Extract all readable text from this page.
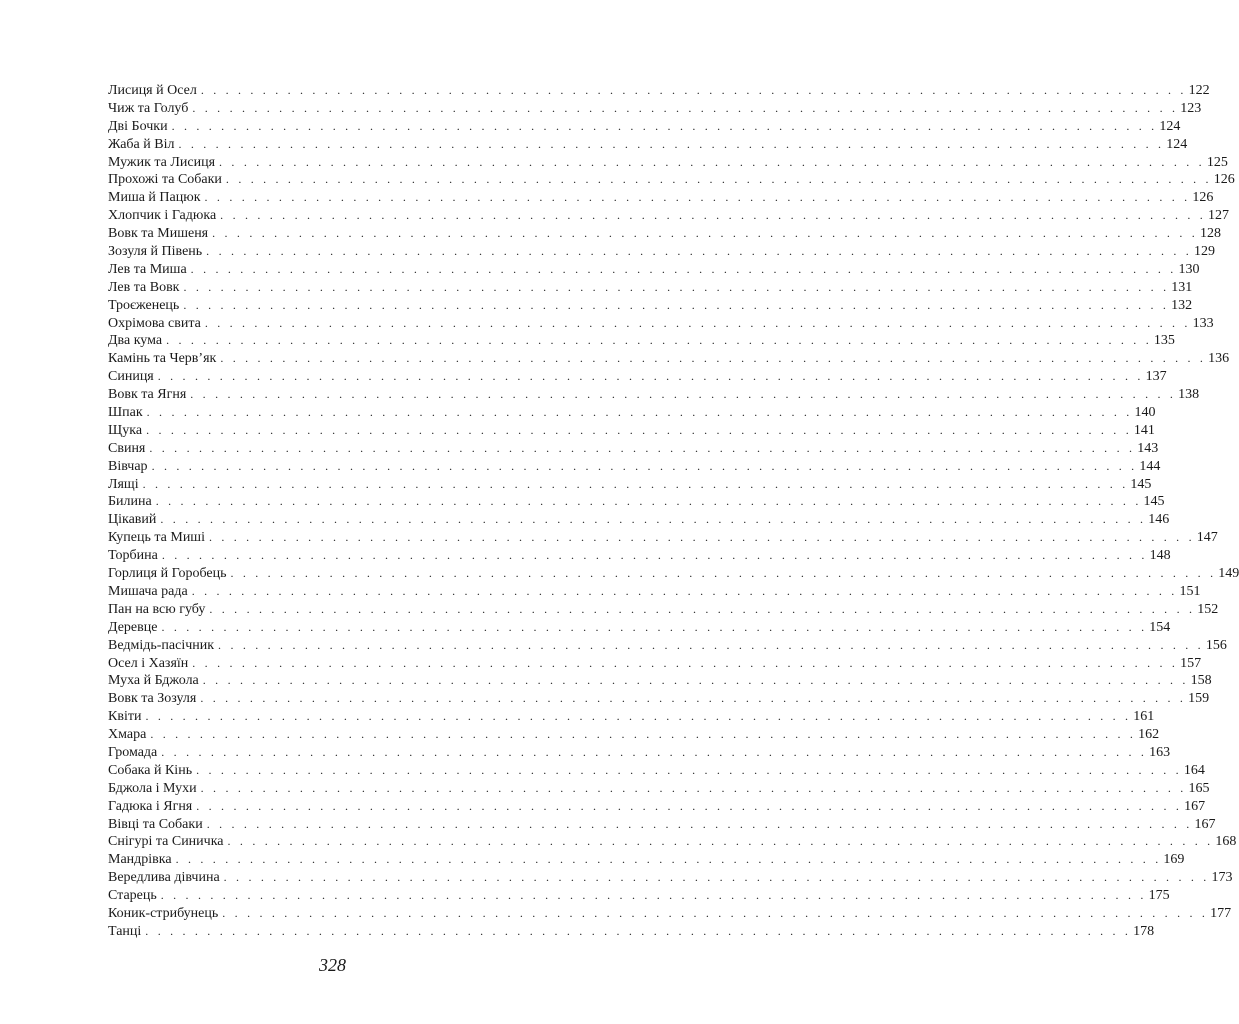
Лисиця й Осел . . . . . . . . . . . . . . . . . . . . . . . . . . . . . . . . . . . . . . . . . . . . . . . . . . . . . . . . . . . . . . . . . . . . . . . . . . . . . . . . 122
Чиж та Голуб . . . . . . . . . . . . . . . . . . . . . . . . . . . . . . . . . . . . . . . . . . . . . . . . . . . . . . . . . . . . . . . . . . . . . . . . . . . . . . . . 123
Дві Бочки . . . . . . . . . . . . . . . . . . . . . . . . . . . . . . . . . . . . . . . . . . . . . . . . . . . . . . . . . . . . . . . . . . . . . . . . . . . . . . . . 124
Жаба й Віл . . . . . . . . . . . . . . . . . . . . . . . . . . . . . . . . . . . . . . . . . . . . . . . . . . . . . . . . . . . . . . . . . . . . . . . . . . . . . . . . 124
Мужик та Лисиця . . . . . . . . . . . . . . . . . . . . . . . . . . . . . . . . . . . . . . . . . . . . . . . . . . . . . . . . . . . . . . . . . . . . . . . . . . . . . . . . 125
Прохожі та Собаки . . . . . . . . . . . . . . . . . . . . . . . . . . . . . . . . . . . . . . . . . . . . . . . . . . . . . . . . . . . . . . . . . . . . . . . . . . . . . . . . 126
Миша й Пацюк . . . . . . . . . . . . . . . . . . . . . . . . . . . . . . . . . . . . . . . . . . . . . . . . . . . . . . . . . . . . . . . . . . . . . . . . . . . . . . . . 126
Хлопчик і Гадюка . . . . . . . . . . . . . . . . . . . . . . . . . . . . . . . . . . . . . . . . . . . . . . . . . . . . . . . . . . . . . . . . . . . . . . . . . . . . . . . . 127
Вовк та Мишеня . . . . . . . . . . . . . . . . . . . . . . . . . . . . . . . . . . . . . . . . . . . . . . . . . . . . . . . . . . . . . . . . . . . . . . . . . . . . . . . . 128
Зозуля й Півень . . . . . . . . . . . . . . . . . . . . . . . . . . . . . . . . . . . . . . . . . . . . . . . . . . . . . . . . . . . . . . . . . . . . . . . . . . . . . . . . 129
Лев та Миша . . . . . . . . . . . . . . . . . . . . . . . . . . . . . . . . . . . . . . . . . . . . . . . . . . . . . . . . . . . . . . . . . . . . . . . . . . . . . . . . 130
Лев та Вовк . . . . . . . . . . . . . . . . . . . . . . . . . . . . . . . . . . . . . . . . . . . . . . . . . . . . . . . . . . . . . . . . . . . . . . . . . . . . . . . . 131
Троєженець . . . . . . . . . . . . . . . . . . . . . . . . . . . . . . . . . . . . . . . . . . . . . . . . . . . . . . . . . . . . . . . . . . . . . . . . . . . . . . . . 132
Охрімова свита . . . . . . . . . . . . . . . . . . . . . . . . . . . . . . . . . . . . . . . . . . . . . . . . . . . . . . . . . . . . . . . . . . . . . . . . . . . . . . . . 133
Два кума . . . . . . . . . . . . . . . . . . . . . . . . . . . . . . . . . . . . . . . . . . . . . . . . . . . . . . . . . . . . . . . . . . . . . . . . . . . . . . . . 135
Камінь та Черв’як . . . . . . . . . . . . . . . . . . . . . . . . . . . . . . . . . . . . . . . . . . . . . . . . . . . . . . . . . . . . . . . . . . . . . . . . . . . . . . . . 136
Синиця . . . . . . . . . . . . . . . . . . . . . . . . . . . . . . . . . . . . . . . . . . . . . . . . . . . . . . . . . . . . . . . . . . . . . . . . . . . . . . . . 137
Вовк та Ягня . . . . . . . . . . . . . . . . . . . . . . . . . . . . . . . . . . . . . . . . . . . . . . . . . . . . . . . . . . . . . . . . . . . . . . . . . . . . . . . . 138
Шпак . . . . . . . . . . . . . . . . . . . . . . . . . . . . . . . . . . . . . . . . . . . . . . . . . . . . . . . . . . . . . . . . . . . . . . . . . . . . . . . . 140
Щука . . . . . . . . . . . . . . . . . . . . . . . . . . . . . . . . . . . . . . . . . . . . . . . . . . . . . . . . . . . . . . . . . . . . . . . . . . . . . . . . 141
Свиня . . . . . . . . . . . . . . . . . . . . . . . . . . . . . . . . . . . . . . . . . . . . . . . . . . . . . . . . . . . . . . . . . . . . . . . . . . . . . . . . 143
Вівчар . . . . . . . . . . . . . . . . . . . . . . . . . . . . . . . . . . . . . . . . . . . . . . . . . . . . . . . . . . . . . . . . . . . . . . . . . . . . . . . . 144
Лящі . . . . . . . . . . . . . . . . . . . . . . . . . . . . . . . . . . . . . . . . . . . . . . . . . . . . . . . . . . . . . . . . . . . . . . . . . . . . . . . . 145
Билина . . . . . . . . . . . . . . . . . . . . . . . . . . . . . . . . . . . . . . . . . . . . . . . . . . . . . . . . . . . . . . . . . . . . . . . . . . . . . . . . 145
Цікавий . . . . . . . . . . . . . . . . . . . . . . . . . . . . . . . . . . . . . . . . . . . . . . . . . . . . . . . . . . . . . . . . . . . . . . . . . . . . . . . . 146
Купець та Миші . . . . . . . . . . . . . . . . . . . . . . . . . . . . . . . . . . . . . . . . . . . . . . . . . . . . . . . . . . . . . . . . . . . . . . . . . . . . . . . . 147
Торбина . . . . . . . . . . . . . . . . . . . . . . . . . . . . . . . . . . . . . . . . . . . . . . . . . . . . . . . . . . . . . . . . . . . . . . . . . . . . . . . . 148
Горлиця й Горобець . . . . . . . . . . . . . . . . . . . . . . . . . . . . . . . . . . . . . . . . . . . . . . . . . . . . . . . . . . . . . . . . . . . . . . . . . . . . . . . . 149
Мишача рада . . . . . . . . . . . . . . . . . . . . . . . . . . . . . . . . . . . . . . . . . . . . . . . . . . . . . . . . . . . . . . . . . . . . . . . . . . . . . . . . 151
Пан на всю губу . . . . . . . . . . . . . . . . . . . . . . . . . . . . . . . . . . . . . . . . . . . . . . . . . . . . . . . . . . . . . . . . . . . . . . . . . . . . . . . . 152
Деревце . . . . . . . . . . . . . . . . . . . . . . . . . . . . . . . . . . . . . . . . . . . . . . . . . . . . . . . . . . . . . . . . . . . . . . . . . . . . . . . . 154
Ведмідь-пасічник . . . . . . . . . . . . . . . . . . . . . . . . . . . . . . . . . . . . . . . . . . . . . . . . . . . . . . . . . . . . . . . . . . . . . . . . . . . . . . . . 156
Осел і Хазяїн . . . . . . . . . . . . . . . . . . . . . . . . . . . . . . . . . . . . . . . . . . . . . . . . . . . . . . . . . . . . . . . . . . . . . . . . . . . . . . . . 157
Муха й Бджола . . . . . . . . . . . . . . . . . . . . . . . . . . . . . . . . . . . . . . . . . . . . . . . . . . . . . . . . . . . . . . . . . . . . . . . . . . . . . . . . 158
Вовк та Зозуля . . . . . . . . . . . . . . . . . . . . . . . . . . . . . . . . . . . . . . . . . . . . . . . . . . . . . . . . . . . . . . . . . . . . . . . . . . . . . . . . 159
Квіти . . . . . . . . . . . . . . . . . . . . . . . . . . . . . . . . . . . . . . . . . . . . . . . . . . . . . . . . . . . . . . . . . . . . . . . . . . . . . . . . 161
Хмара . . . . . . . . . . . . . . . . . . . . . . . . . . . . . . . . . . . . . . . . . . . . . . . . . . . . . . . . . . . . . . . . . . . . . . . . . . . . . . . . 162
Громада . . . . . . . . . . . . . . . . . . . . . . . . . . . . . . . . . . . . . . . . . . . . . . . . . . . . . . . . . . . . . . . . . . . . . . . . . . . . . . . . 163
Собака й Кінь . . . . . . . . . . . . . . . . . . . . . . . . . . . . . . . . . . . . . . . . . . . . . . . . . . . . . . . . . . . . . . . . . . . . . . . . . . . . . . . . 164
Бджола і Мухи . . . . . . . . . . . . . . . . . . . . . . . . . . . . . . . . . . . . . . . . . . . . . . . . . . . . . . . . . . . . . . . . . . . . . . . . . . . . . . . . 165
Гадюка і Ягня . . . . . . . . . . . . . . . . . . . . . . . . . . . . . . . . . . . . . . . . . . . . . . . . . . . . . . . . . . . . . . . . . . . . . . . . . . . . . . . . 167
Вівці та Собаки . . . . . . . . . . . . . . . . . . . . . . . . . . . . . . . . . . . . . . . . . . . . . . . . . . . . . . . . . . . . . . . . . . . . . . . . . . . . . . . . 167
Снігурі та Синичка . . . . . . . . . . . . . . . . . . . . . . . . . . . . . . . . . . . . . . . . . . . . . . . . . . . . . . . . . . . . . . . . . . . . . . . . . . . . . . . . 168
Мандрівка . . . . . . . . . . . . . . . . . . . . . . . . . . . . . . . . . . . . . . . . . . . . . . . . . . . . . . . . . . . . . . . . . . . . . . . . . . . . . . . . 169
Вередлива дівчина . . . . . . . . . . . . . . . . . . . . . . . . . . . . . . . . . . . . . . . . . . . . . . . . . . . . . . . . . . . . . . . . . . . . . . . . . . . . . . . . 173
Старець . . . . . . . . . . . . . . . . . . . . . . . . . . . . . . . . . . . . . . . . . . . . . . . . . . . . . . . . . . . . . . . . . . . . . . . . . . . . . . . . 175
Коник-стрибунець . . . . . . . . . . . . . . . . . . . . . . . . . . . . . . . . . . . . . . . . . . . . . . . . . . . . . . . . . . . . . . . . . . . . . . . . . . . . . . . . 177
Танці . . . . . . . . . . . . . . . . . . . . . . . . . . . . . . . . . . . . . . . . . . . . . . . . . . . . . . . . . . . . . . . . . . . . . . . . . . . . . . . . 178
328
